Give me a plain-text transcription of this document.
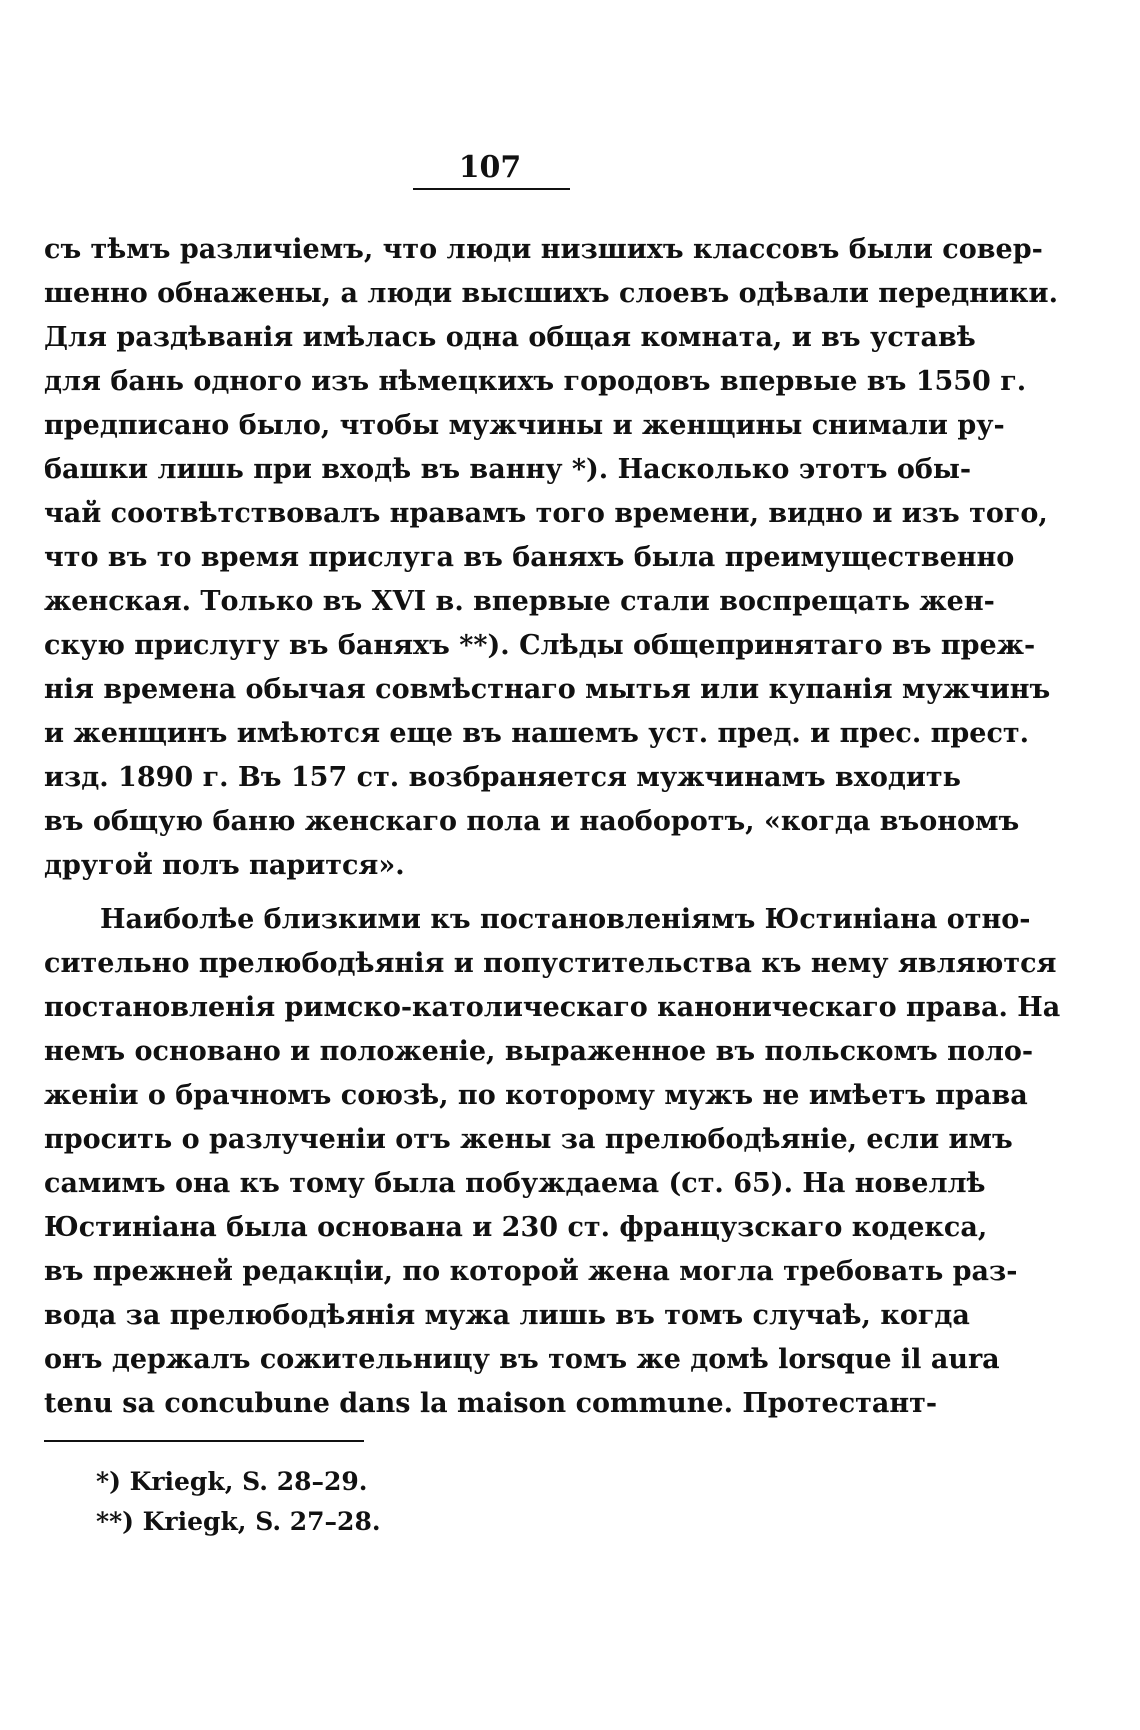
107
съ тѣмъ различіемъ, что люди низшихъ классовъ были совер-
шенно обнажены, а люди высшихъ слоевъ одѣвали передники.
Для раздѣванія имѣлась одна общая комната, и въ уставѣ
для бань одного изъ нѣмецкихъ городовъ впервые въ 1550 г.
предписано было, чтобы мужчины и женщины снимали ру-
башки лишь при входѣ въ ванну *). Насколько этотъ обы-
чай соотвѣтствовалъ нравамъ того времени, видно и изъ того,
что въ то время прислуга въ баняхъ была преимущественно
женская. Только въ XVI в. впервые стали воспрещать жен-
скую прислугу въ баняхъ **). Слѣды общепринятаго въ преж-
нія времена обычая совмѣстнаго мытья или купанія мужчинъ
и женщинъ имѣются еще въ нашемъ уст. пред. и прес. прест.
изд. 1890 г. Въ 157 ст. возбраняется мужчинамъ входить
въ общую баню женскаго пола и наоборотъ, «когда въономъ
другой полъ парится».
Наиболѣе близкими къ постановленіямъ Юстиніана отно-
сительно прелюбодѣянія и попустительства къ нему являются
постановленія римско-католическаго каноническаго права. На
немъ основано и положеніе, выраженное въ польскомъ поло-
женіи о брачномъ союзѣ, по которому мужъ не имѣетъ права
просить о разлученіи отъ жены за прелюбодѣяніе, если имъ
самимъ она къ тому была побуждаема (ст. 65). На новеллѣ
Юстиніана была основана и 230 ст. французскаго кодекса,
въ прежней редакціи, по которой жена могла требовать раз-
вода за прелюбодѣянія мужа лишь въ томъ случаѣ, когда
онъ держалъ сожительницу въ томъ же домѣ lorsque il aura
tenu sa concubune dans la maison commune. Протестант-
*) Kriegk, S. 28–29.
**) Kriegk, S. 27–28.
